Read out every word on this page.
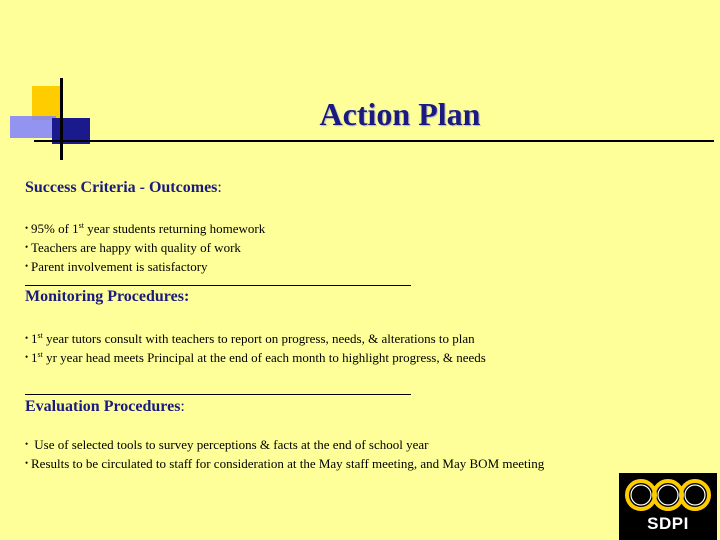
Action Plan
Success Criteria - Outcomes:
• 95% of 1st year students returning homework
• Teachers are happy with quality of work
• Parent involvement is satisfactory
Monitoring Procedures:
• 1st year tutors consult with teachers to report on progress, needs, & alterations to plan
• 1st yr year head meets Principal at the end of each month to highlight progress, & needs
Evaluation Procedures:
• Use of selected tools to survey perceptions & facts at the end of school year
• Results to be circulated to staff for consideration at the May staff meeting, and May BOM meeting
SDPI
